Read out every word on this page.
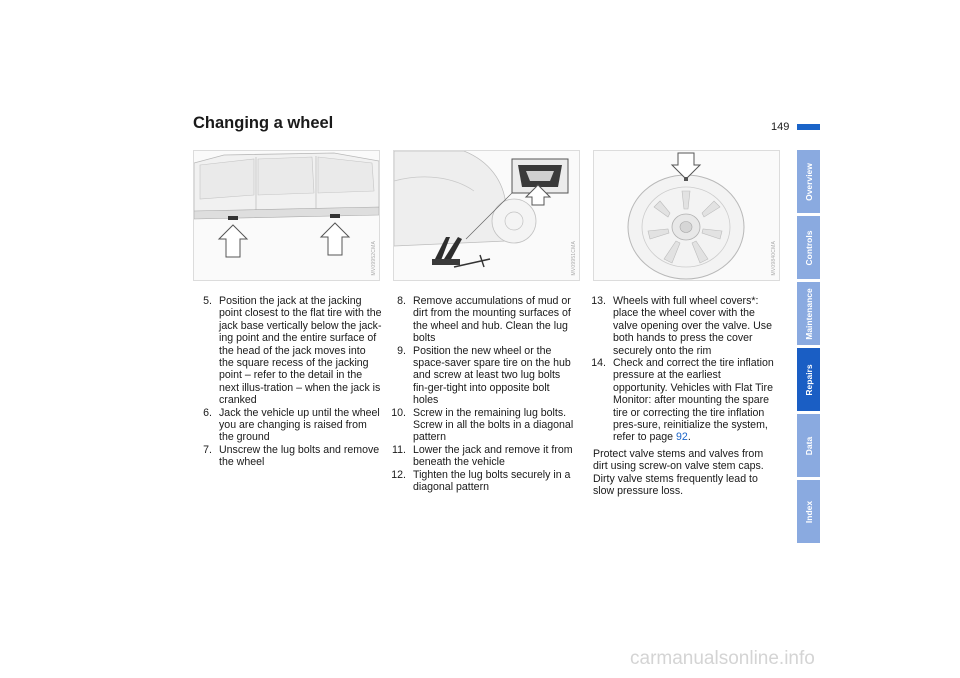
Changing a wheel	149
MV09952CMA	MV09951CMA	MV09840CMA
5. Position the jack at the jacking point closest to the flat tire with the jack base vertically below the jack-ing point and the entire surface of the head of the jack moves into the square recess of the jacking point – refer to the detail in the next illus-tration – when the jack is cranked
6. Jack the vehicle up until the wheel you are changing is raised from the ground
7. Unscrew the lug bolts and remove the wheel
8. Remove accumulations of mud or dirt from the mounting surfaces of the wheel and hub. Clean the lug bolts
9. Position the new wheel or the space-saver spare tire on the hub and screw at least two lug bolts fin-ger-tight into opposite bolt holes
10. Screw in the remaining lug bolts. Screw in all the bolts in a diagonal pattern
11. Lower the jack and remove it from beneath the vehicle
12. Tighten the lug bolts securely in a diagonal pattern
13. Wheels with full wheel covers*: place the wheel cover with the valve opening over the valve. Use both hands to press the cover securely onto the rim
14. Check and correct the tire inflation pressure at the earliest opportunity. Vehicles with Flat Tire Monitor: after mounting the spare tire or correcting the tire inflation pres-sure, reinitialize the system, refer to page 92.

Protect valve stems and valves from dirt using screw-on valve stem caps. Dirty valve stems frequently lead to slow pressure loss.

Overview
Controls
Maintenance
Repairs
Data
Index
carmanualsonline.info
